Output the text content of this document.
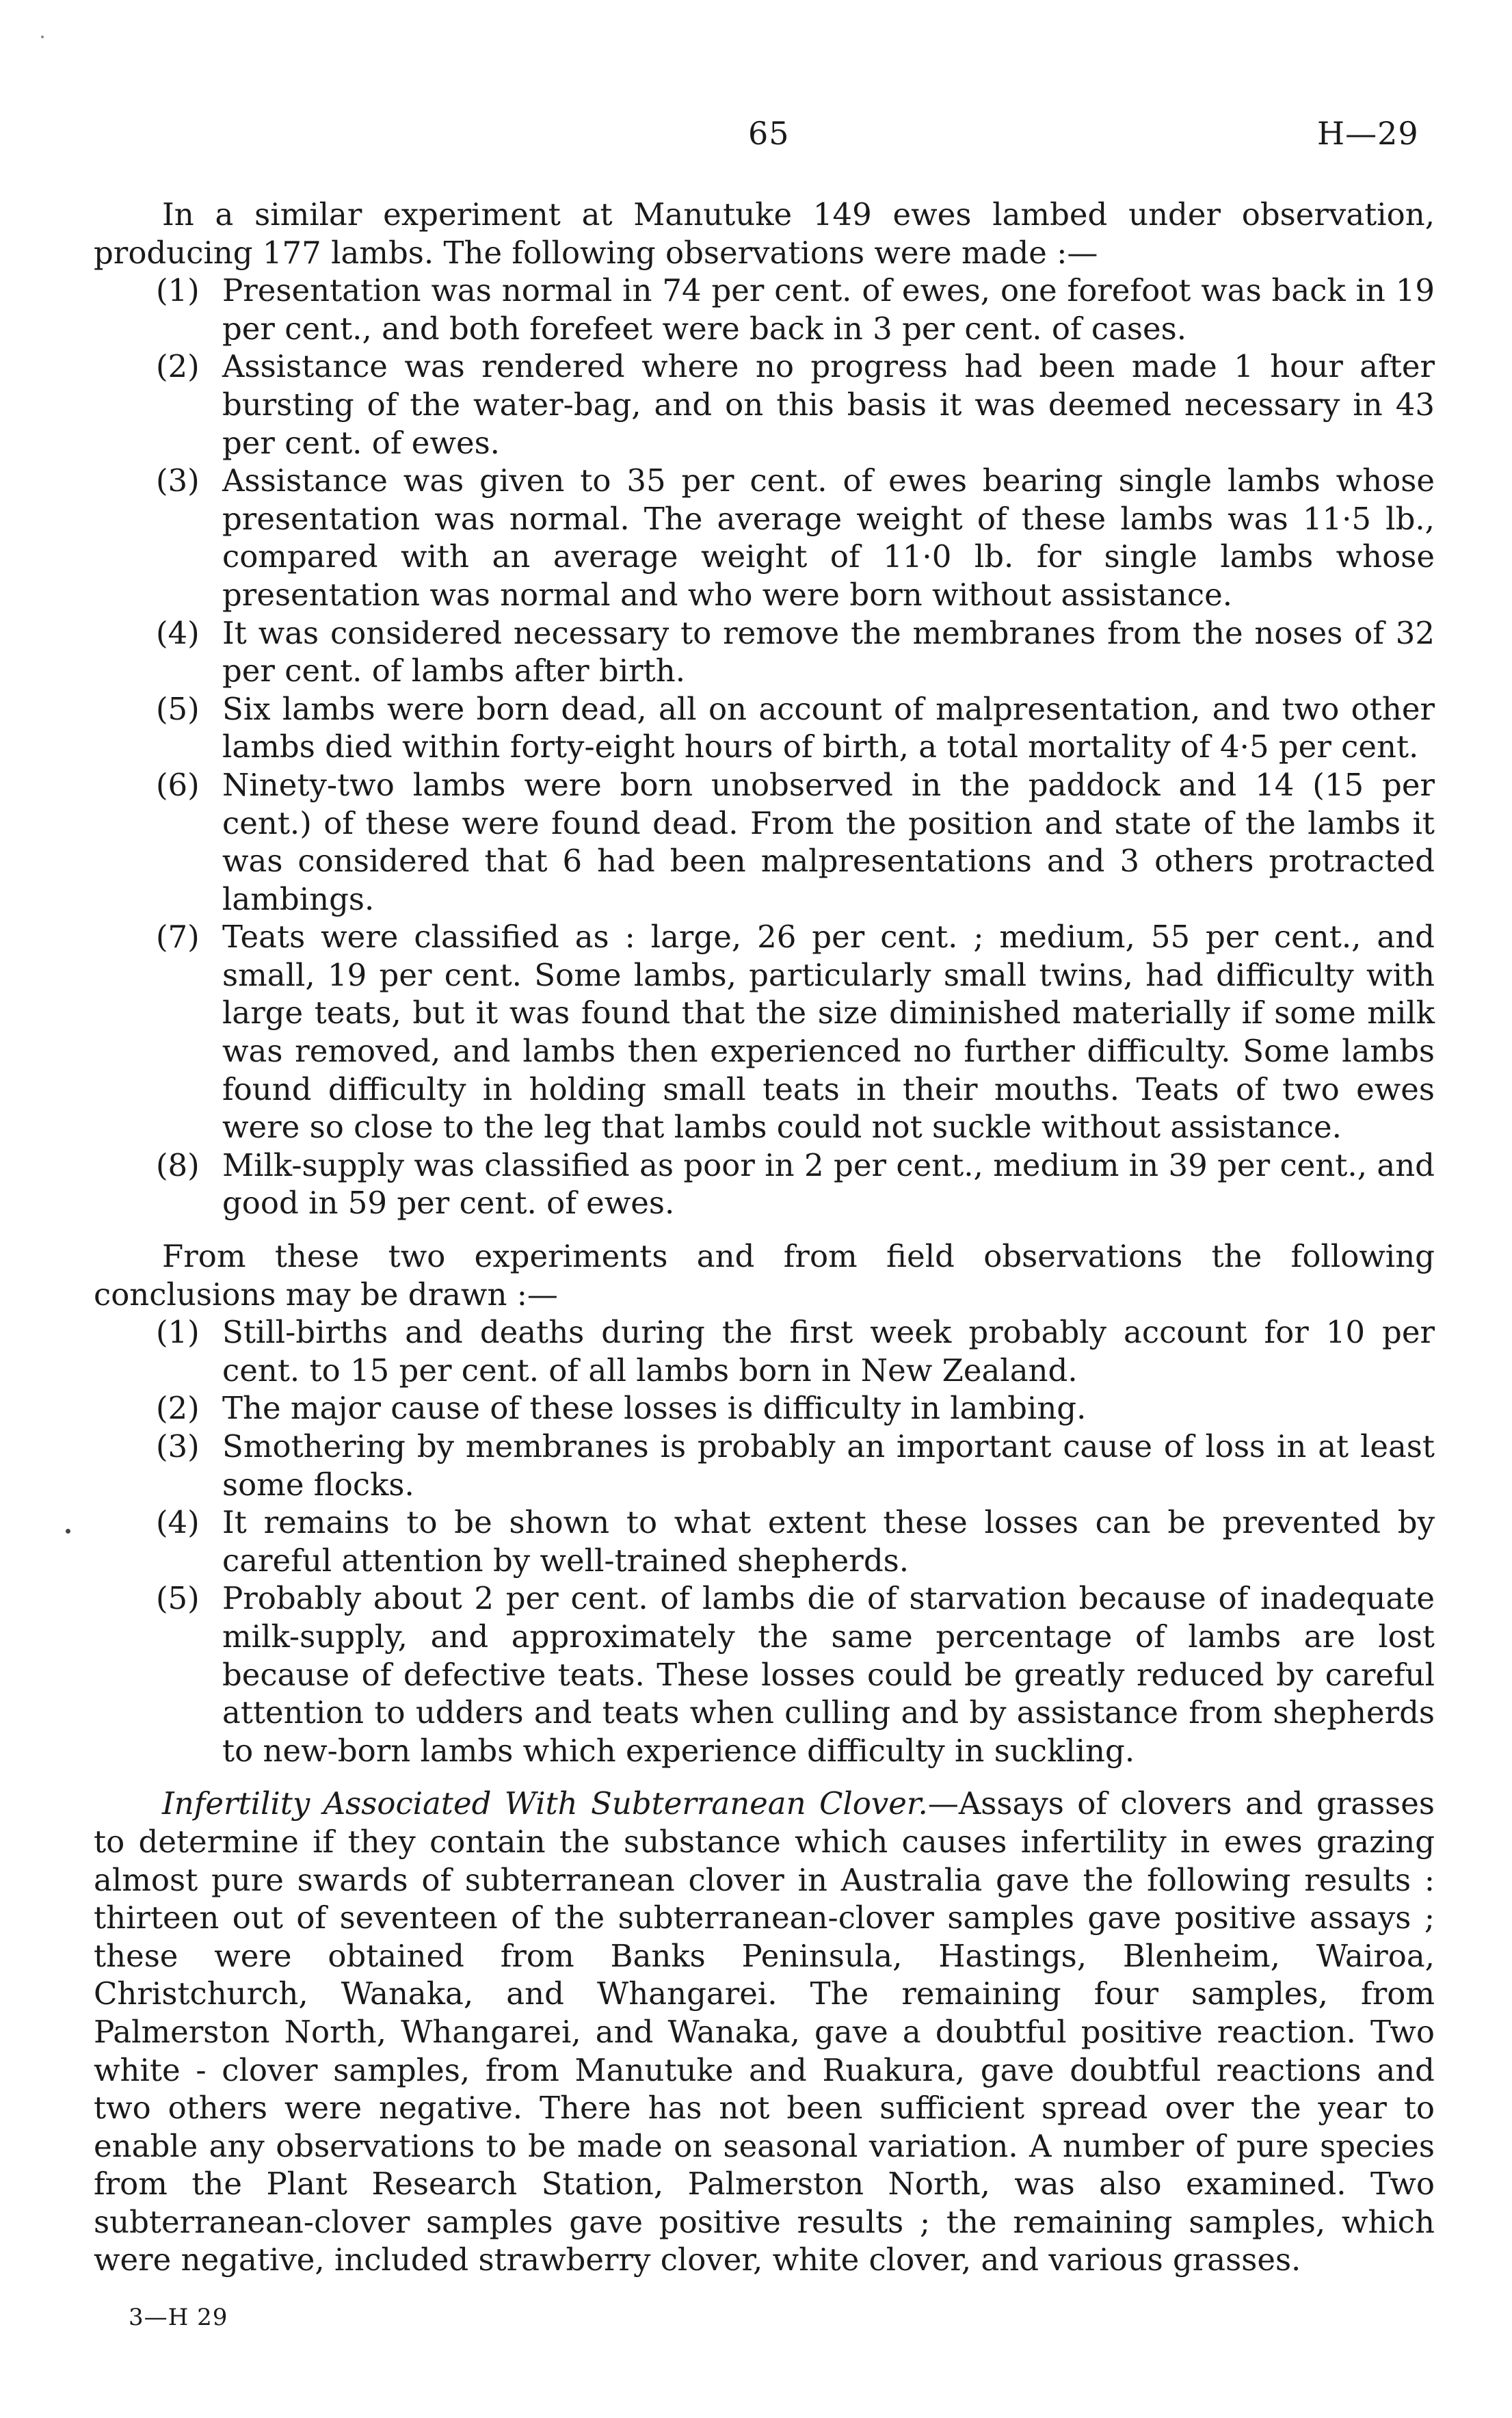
65	H—29

In a similar experiment at Manutuke 149 ewes lambed under observation, producing 177 lambs. The following observations were made :—

(1) Presentation was normal in 74 per cent. of ewes, one forefoot was back in 19 per cent., and both forefeet were back in 3 per cent. of cases.
(2) Assistance was rendered where no progress had been made 1 hour after bursting of the water-bag, and on this basis it was deemed necessary in 43 per cent. of ewes.
(3) Assistance was given to 35 per cent. of ewes bearing single lambs whose presentation was normal. The average weight of these lambs was 11·5 lb., compared with an average weight of 11·0 lb. for single lambs whose presentation was normal and who were born without assistance.
(4) It was considered necessary to remove the membranes from the noses of 32 per cent. of lambs after birth.
(5) Six lambs were born dead, all on account of malpresentation, and two other lambs died within forty-eight hours of birth, a total mortality of 4·5 per cent.
(6) Ninety-two lambs were born unobserved in the paddock and 14 (15 per cent.) of these were found dead. From the position and state of the lambs it was considered that 6 had been malpresentations and 3 others protracted lambings.
(7) Teats were classified as : large, 26 per cent. ; medium, 55 per cent., and small, 19 per cent. Some lambs, particularly small twins, had difficulty with large teats, but it was found that the size diminished materially if some milk was removed, and lambs then experienced no further difficulty. Some lambs found difficulty in holding small teats in their mouths. Teats of two ewes were so close to the leg that lambs could not suckle without assistance.
(8) Milk-supply was classified as poor in 2 per cent., medium in 39 per cent., and good in 59 per cent. of ewes.

From these two experiments and from field observations the following conclusions may be drawn :—

(1) Still-births and deaths during the first week probably account for 10 per cent. to 15 per cent. of all lambs born in New Zealand.
(2) The major cause of these losses is difficulty in lambing.
(3) Smothering by membranes is probably an important cause of loss in at least some flocks.
(4) It remains to be shown to what extent these losses can be prevented by careful attention by well-trained shepherds.
(5) Probably about 2 per cent. of lambs die of starvation because of inadequate milk-supply, and approximately the same percentage of lambs are lost because of defective teats. These losses could be greatly reduced by careful attention to udders and teats when culling and by assistance from shepherds to new-born lambs which experience difficulty in suckling.

Infertility Associated With Subterranean Clover.—Assays of clovers and grasses to determine if they contain the substance which causes infertility in ewes grazing almost pure swards of subterranean clover in Australia gave the following results : thirteen out of seventeen of the subterranean-clover samples gave positive assays ; these were obtained from Banks Peninsula, Hastings, Blenheim, Wairoa, Christchurch, Wanaka, and Whangarei. The remaining four samples, from Palmerston North, Whangarei, and Wanaka, gave a doubtful positive reaction. Two white - clover samples, from Manutuke and Ruakura, gave doubtful reactions and two others were negative. There has not been sufficient spread over the year to enable any observations to be made on seasonal variation. A number of pure species from the Plant Research Station, Palmerston North, was also examined. Two subterranean-clover samples gave positive results ; the remaining samples, which were negative, included strawberry clover, white clover, and various grasses.

3—H 29
